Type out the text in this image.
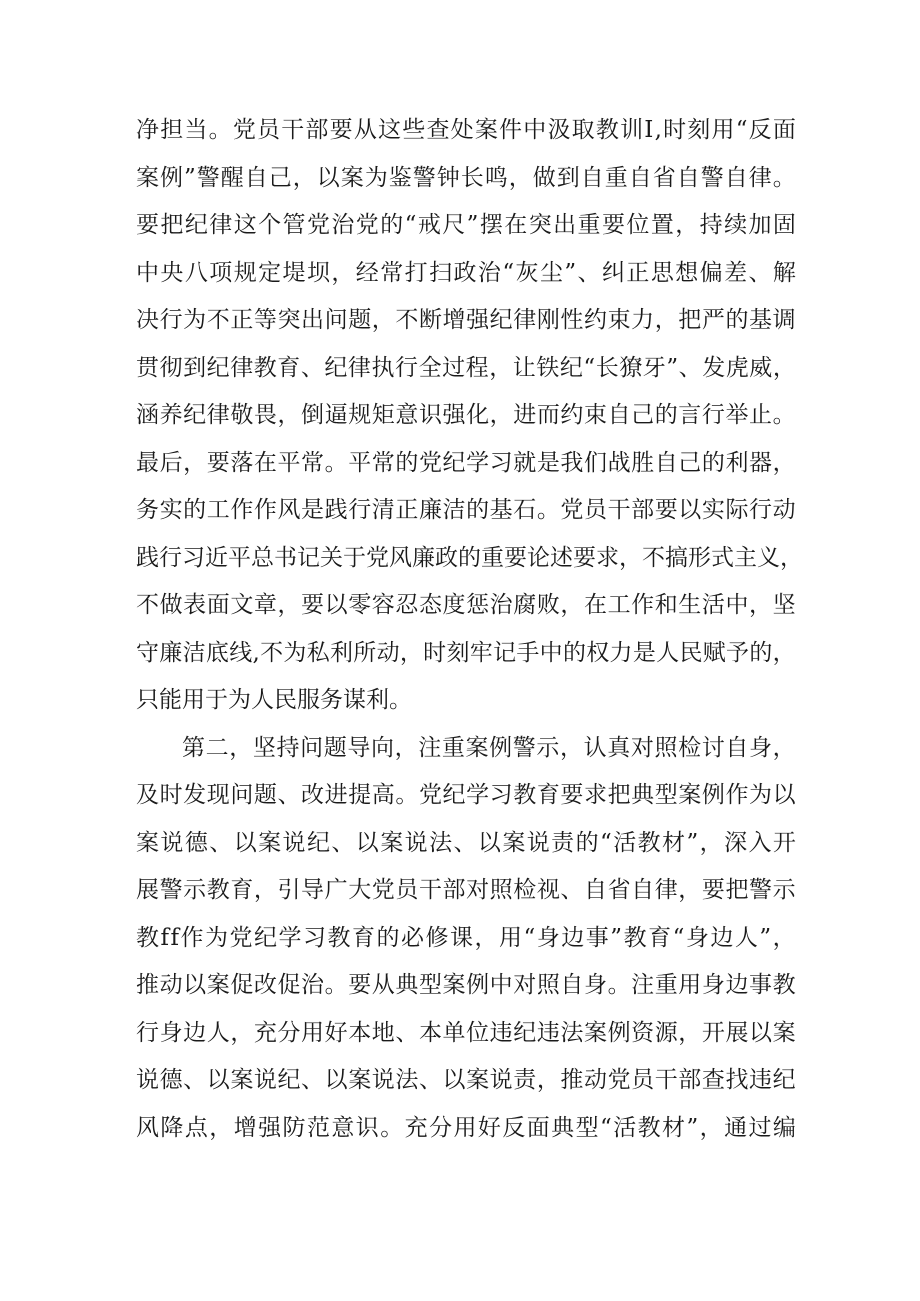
净 担 当 。 党 员 干 部 要 从 这 些 查 处 案 件 中 汲 取 教 训 I , 时 刻 用 “ 反 面
案 例 ” 警 醒 自 己 ， 以 案 为 鉴 警 钟 长 鸣 ， 做 到 自 重 自 省 自 警 自 律 。
要 把 纪 律 这 个 管 党 治 党 的 “ 戒 尺 ” 摆 在 突 出 重 要 位 置 ， 持 续 加 固
中 央 八 项 规 定 堤 坝 ， 经 常 打 扫 政 治 “ 灰 尘 ” 、 纠 正 思 想 偏 差 、 解
决 行 为 不 正 等 突 出 问 题 ， 不 断 增 强 纪 律 刚 性 约 束 力 ， 把 严 的 基 调
贯 彻 到 纪 律 教 育 、 纪 律 执 行 全 过 程 ， 让 铁 纪 “ 长 獠 牙 ” 、 发 虎 威 ，
涵 养 纪 律 敬 畏 ， 倒 逼 规 矩 意 识 强 化 ， 进 而 约 束 自 己 的 言 行 举 止 。
最 后 ， 要 落 在 平 常 。 平 常 的 党 纪 学 习 就 是 我 们 战 胜 自 己 的 利 器 ，
务 实 的 工 作 作 风 是 践 行 清 正 廉 洁 的 基 石 。 党 员 干 部 要 以 实 际 行 动
践 行 习 近 平 总 书 记 关 于 党 风 廉 政 的 重 要 论 述 要 求 ， 不 搞 形 式 主 义 ，
不 做 表 面 文 章 ， 要 以 零 容 忍 态 度 惩 治 腐 败 ， 在 工 作 和 生 活 中 ， 坚
守 廉 洁 底 线 , 不 为 私 利 所 动 ， 时 刻 牢 记 手 中 的 权 力 是 人 民 赋 予 的 ，
只能用于为人民服务谋利。
第 二 ， 坚 持 问 题 导 向 ， 注 重 案 例 警 示 ， 认 真 对 照 检 讨 自 身 ，
及 时 发 现 问 题 、 改 进 提 高 。 党 纪 学 习 教 育 要 求 把 典 型 案 例 作 为 以
案 说 德 、 以 案 说 纪 、 以 案 说 法 、 以 案 说 责 的 “ 活 教 材 ” ， 深 入 开
展 警 示 教 育 ， 引 导 广 大 党 员 干 部 对 照 检 视 、 自 省 自 律 ， 要 把 警 示
教 f f 作 为 党 纪 学 习 教 育 的 必 修 课 ， 用 “ 身 边 事 ” 教 育 “ 身 边 人 ” ，
推 动 以 案 促 改 促 治 。 要 从 典 型 案 例 中 对 照 自 身 。 注 重 用 身 边 事 教
行 身 边 人 ， 充 分 用 好 本 地 、 本 单 位 违 纪 违 法 案 例 资 源 ， 开 展 以 案
说 德 、 以 案 说 纪 、 以 案 说 法 、 以 案 说 责 ， 推 动 党 员 干 部 查 找 违 纪
风 降 点 ， 增 强 防 范 意 识 。 充 分 用 好 反 面 典 型 “ 活 教 材 ” ， 通 过 编
